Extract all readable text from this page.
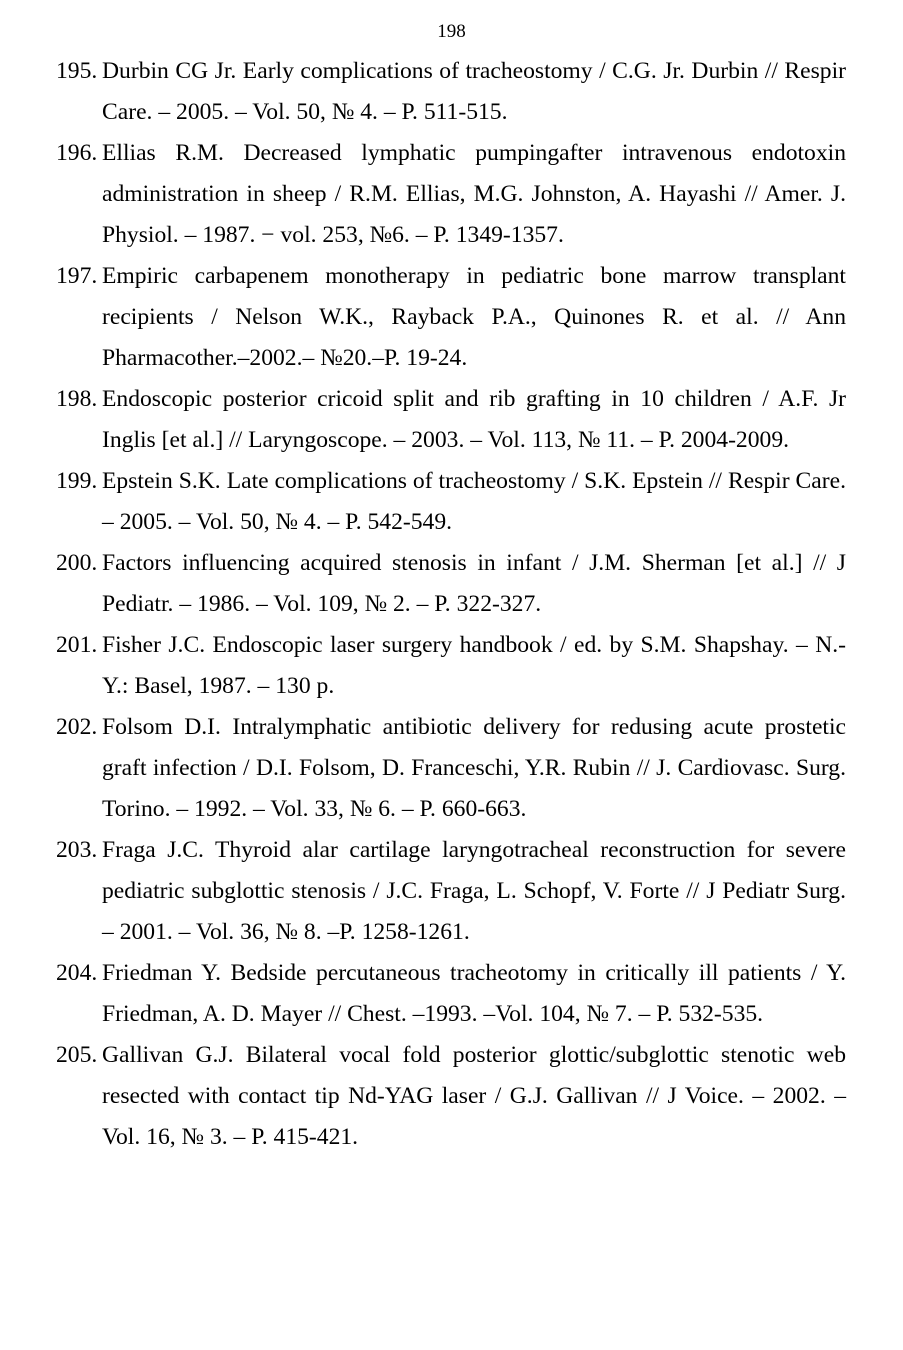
198
195. Durbin CG Jr. Early complications of tracheostomy / C.G. Jr. Durbin // Respir Care. – 2005. – Vol. 50, № 4. – P. 511-515.
196. Ellias R.M. Decreased lymphatic pumpingafter intravenous endotoxin administration in sheep / R.M. Ellias, M.G. Johnston, A. Hayashi // Amer. J. Physiol. – 1987. − vol. 253, №6. – P. 1349-1357.
197. Empiric carbapenem monotherapy in pediatric bone marrow transplant recipients / Nelson W.K., Rayback P.A., Quinones R. et al. // Ann Pharmacother.–2002.– №20.–P. 19-24.
198. Endoscopic posterior cricoid split and rib grafting in 10 children / A.F. Jr Inglis [et al.] // Laryngoscope. – 2003. – Vol. 113, № 11. – P. 2004-2009.
199. Epstein S.K. Late complications of tracheostomy / S.K. Epstein // Respir Care. – 2005. – Vol. 50, № 4. – P. 542-549.
200. Factors influencing acquired stenosis in infant / J.M. Sherman [et al.] // J Pediatr. – 1986. – Vol. 109, № 2. – P. 322-327.
201. Fisher J.C. Endoscopic laser surgery handbook / ed. by S.M. Shapshay. – N.-Y.: Basel, 1987. – 130 p.
202. Folsom D.I. Intralymphatic antibiotic delivery for redusing acute prostetic graft infection / D.I. Folsom, D. Franceschi, Y.R. Rubin // J. Cardiovasc. Surg. Torino. – 1992. – Vol. 33, № 6. – P. 660-663.
203. Fraga J.C. Thyroid alar cartilage laryngotracheal reconstruction for severe pediatric subglottic stenosis / J.C. Fraga, L. Schopf, V. Forte // J Pediatr Surg. – 2001. – Vol. 36, № 8. –P. 1258-1261.
204. Friedman Y. Bedside percutaneous tracheotomy in critically ill patients / Y. Friedman, A. D. Mayer // Chest. –1993. –Vol. 104, № 7. – P. 532-535.
205. Gallivan G.J. Bilateral vocal fold posterior glottic/subglottic stenotic web resected with contact tip Nd-YAG laser / G.J. Gallivan // J Voice. – 2002. – Vol. 16, № 3. – P. 415-421.
